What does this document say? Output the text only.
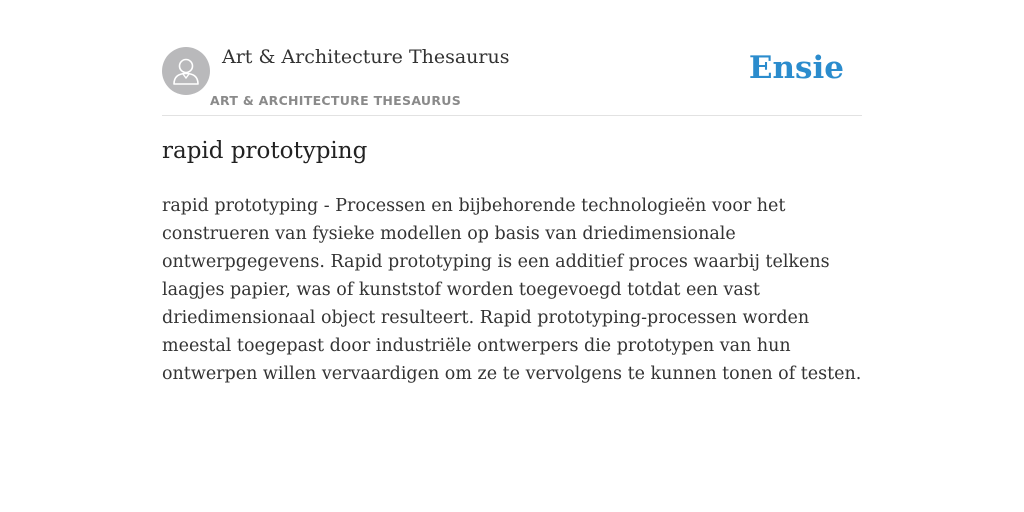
Art & Architecture Thesaurus
ART & ARCHITECTURE THESAURUS
Ensie
rapid prototyping

rapid prototyping - Processen en bijbehorende technologieën voor het construeren van fysieke modellen op basis van driedimensionale ontwerpgegevens. Rapid prototyping is een additief proces waarbij telkens laagjes papier, was of kunststof worden toegevoegd totdat een vast driedimensionaal object resulteert. Rapid prototyping-processen worden meestal toegepast door industriële ontwerpers die prototypen van hun ontwerpen willen vervaardigen om ze te vervolgens te kunnen tonen of testen.
